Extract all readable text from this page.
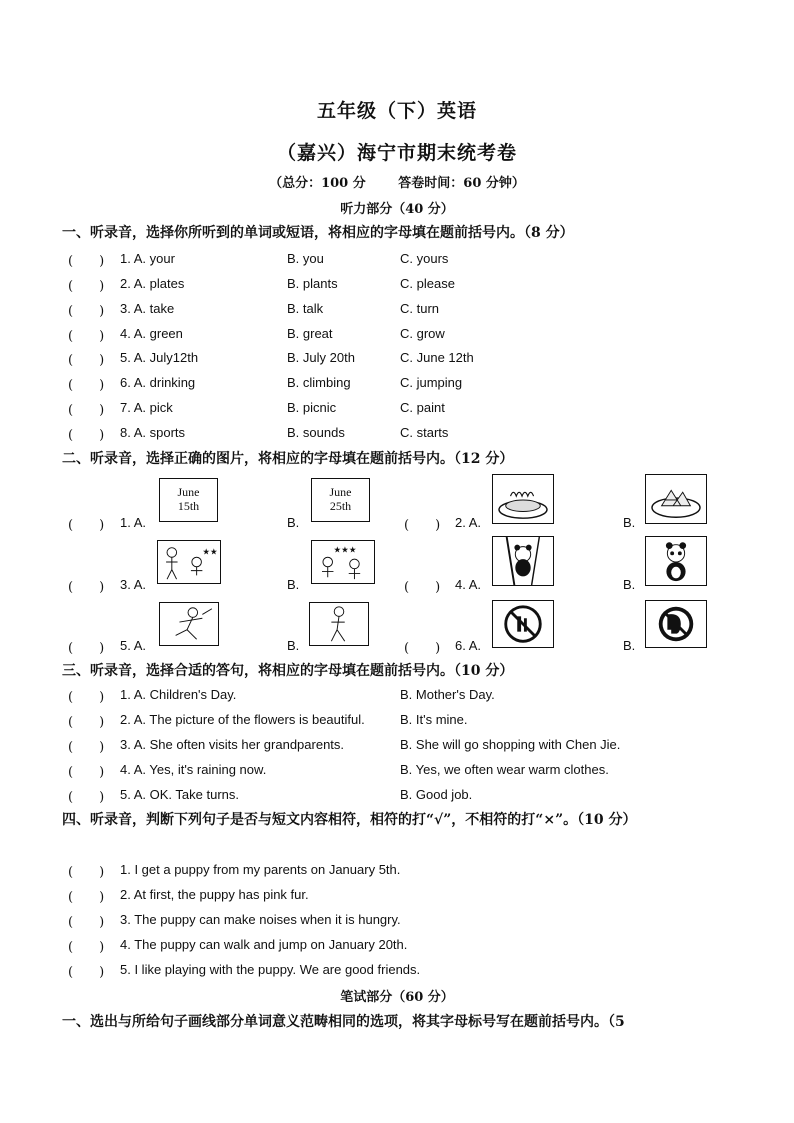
五年级（下）英语
（嘉兴）海宁市期末统考卷
（总分：100 分	答卷时间：60 分钟）
听力部分（40 分）
一、听录音，选择你所听到的单词或短语，将相应的字母填在题前括号内。（8 分）
(　　) 1. A. your	B. you	C. yours
(　　) 2. A. plates	B. plants	C. please
(　　) 3. A. take	B. talk	C. turn
(　　) 4. A. green	B. great	C. grow
(　　) 5. A. July12th	B. July 20th	C. June 12th
(　　) 6. A. drinking	B. climbing	C. jumping
(　　) 7. A. pick	B. picnic	C. paint
(　　) 8. A. sports	B. sounds	C. starts
二、听录音，选择正确的图片，将相应的字母填在题前括号内。（12 分）
(　　) 1. A.
June
15th
B.
June
25th
(　　) 2. A.	B.
(　　) 3. A.
★★
B.
★★★
(　　) 4. A.	B.
(　　) 5. A.	B.	(　　) 6. A.	B.
三、听录音，选择合适的答句，将相应的字母填在题前括号内。（10 分）
(　　) 1. A. Children's Day.	B. Mother's Day.
(　　) 2. A. The picture of the flowers is beautiful.	B. It's mine.
(　　) 3. A. She often visits her grandparents.	B. She will go shopping with Chen Jie.
(　　) 4. A. Yes, it's raining now.	B. Yes, we often wear warm clothes.
(　　) 5. A. OK. Take turns.	B. Good job.
四、听录音，判断下列句子是否与短文内容相符，相符的打“√”，不相符的打“×”。（10 分）
(　　) 1. I get a puppy from my parents on January 5th.
(　　) 2. At first, the puppy has pink fur.
(　　) 3. The puppy can make noises when it is hungry.
(　　) 4. The puppy can walk and jump on January 20th.
(　　) 5. I like playing with the puppy. We are good friends.
笔试部分（60 分）
一、选出与所给句子画线部分单词意义范畴相同的选项，将其字母标号写在题前括号内。（5
